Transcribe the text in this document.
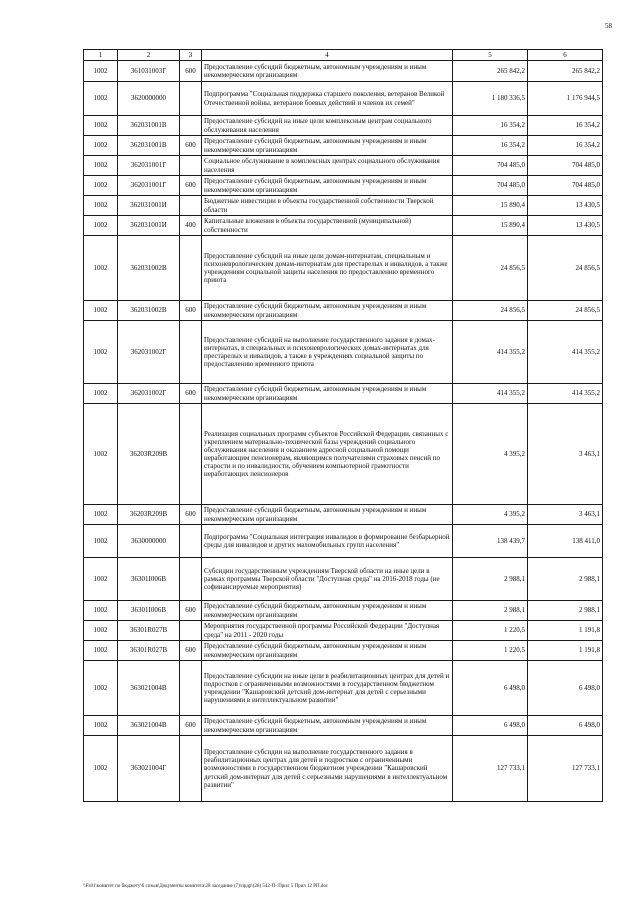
58
1	2	3	4	5	6
1002	361031003Г	600	Предоставление субсидий бюджетным, автономным учреждениям и иным некоммерческим организациям	265 842,2	265 842,2
1002	3620000000		Подпрограмма "Социальная поддержка старшего поколения, ветеранов Великой Отечественной войны, ветеранов боевых действий и членов их семей"	1 180 336,5	1 176 944,5
1002	362031001В		Предоставление субсидий на иные цели комплексным центрам социального обслуживания населения	16 354,2	16 354,2
1002	362031001В	600	Предоставление субсидий бюджетным, автономным учреждениям и иным некоммерческим организациям	16 354,2	16 354,2
1002	362031001Г		Социальное обслуживание в комплексных центрах социального обслуживания населения	704 485,0	704 485,0
1002	362031001Г	600	Предоставление субсидий бюджетным, автономным учреждениям и иным некоммерческим организациям	704 485,0	704 485,0
1002	362031001И		Бюджетные инвестиции в объекты государственной собственности Тверской области	15 890,4	13 430,5
1002	362031001И	400	Капитальные вложения в объекты государственной (муниципальной) собственности	15 890,4	13 430,5
1002	362031002В		Предоставление субсидий на иные цели домам-интернатам, специальным и психоневрологическим домам-интернатам для престарелых и инвалидов, а также учреждениям социальной защиты населения по предоставлению временного приюта	24 856,5	24 856,5
1002	362031002В	600	Предоставление субсидий бюджетным, автономным учреждениям и иным некоммерческим организациям	24 856,5	24 856,5
1002	362031002Г		Предоставление субсидий на выполнение государственного задания в домах-интернатах, в специальных и психоневрологических домах-интернатах для престарелых и инвалидов, а также в учреждениях социальной защиты по предоставлению временного приюта	414 355,2	414 355,2
1002	362031002Г	600	Предоставление субсидий бюджетным, автономным учреждениям и иным некоммерческим организациям	414 355,2	414 355,2
1002	36203R209В		Реализация социальных программ субъектов Российской Федерации, связанных с укреплением материально-технической базы учреждений социального обслуживания населения и оказанием адресной социальной помощи неработающим пенсионерам, являющимся получателями страховых пенсий по старости и по инвалидности, обучением компьютерной грамотности неработающих пенсионеров	4 395,2	3 463,1
1002	36203R209В	600	Предоставление субсидий бюджетным, автономным учреждениям и иным некоммерческим организациям	4 395,2	3 463,1
1002	3630000000		Подпрограмма "Социальная интеграция инвалидов в формирование безбарьерной среды для инвалидов и других маломобильных групп населения"	138 439,7	138 411,0
1002	36301I006В		Субсидии государственным учреждениям Тверской области на иные цели в рамках программы Тверской области "Доступная среда" на 2016-2018 годы (не софинансируемые мероприятия)	2 988,1	2 988,1
1002	36301I006В	600	Предоставление субсидий бюджетным, автономным учреждениям и иным некоммерческим организациям	2 988,1	2 988,1
1002	36301R027В		Мероприятия государственной программы Российской Федерации "Доступная среда" на 2011 - 2020 годы	1 220,5	1 191,8
1002	36301R027В	600	Предоставление субсидий бюджетным, автономным учреждениям и иным некоммерческим организациям	1 220,5	1 191,8
1002	363021004В		Предоставление субсидии на иные цели в реабилитационных центрах для детей и подростков с ограниченными возможностями в государственном бюджетном учреждении "Кашаровский детский дом-интернат для детей с серьезными нарушениями в интеллектуальном развитии"	6 498,0	6 498,0
1002	363021004В	600	Предоставление субсидий бюджетным, автономным учреждениям и иным некоммерческим организациям	6 498,0	6 498,0
1002	363021004Г		Предоставление субсидии на выполнение государственного задания в реабилитационных центрах для детей и подростков с ограниченными возможностями в государственном бюджетном учреждении "Кашаровский детский дом-интернат для детей с серьезными нарушениями в интеллектуальном развитии"	127 733,1	127 733,1
\\Fs01\комитет по бюджету\6 созыв\Документы комитета\28 заседание (7)\прдр\(28) 542-П-\Прил 5 Прил 12 РП.doc
